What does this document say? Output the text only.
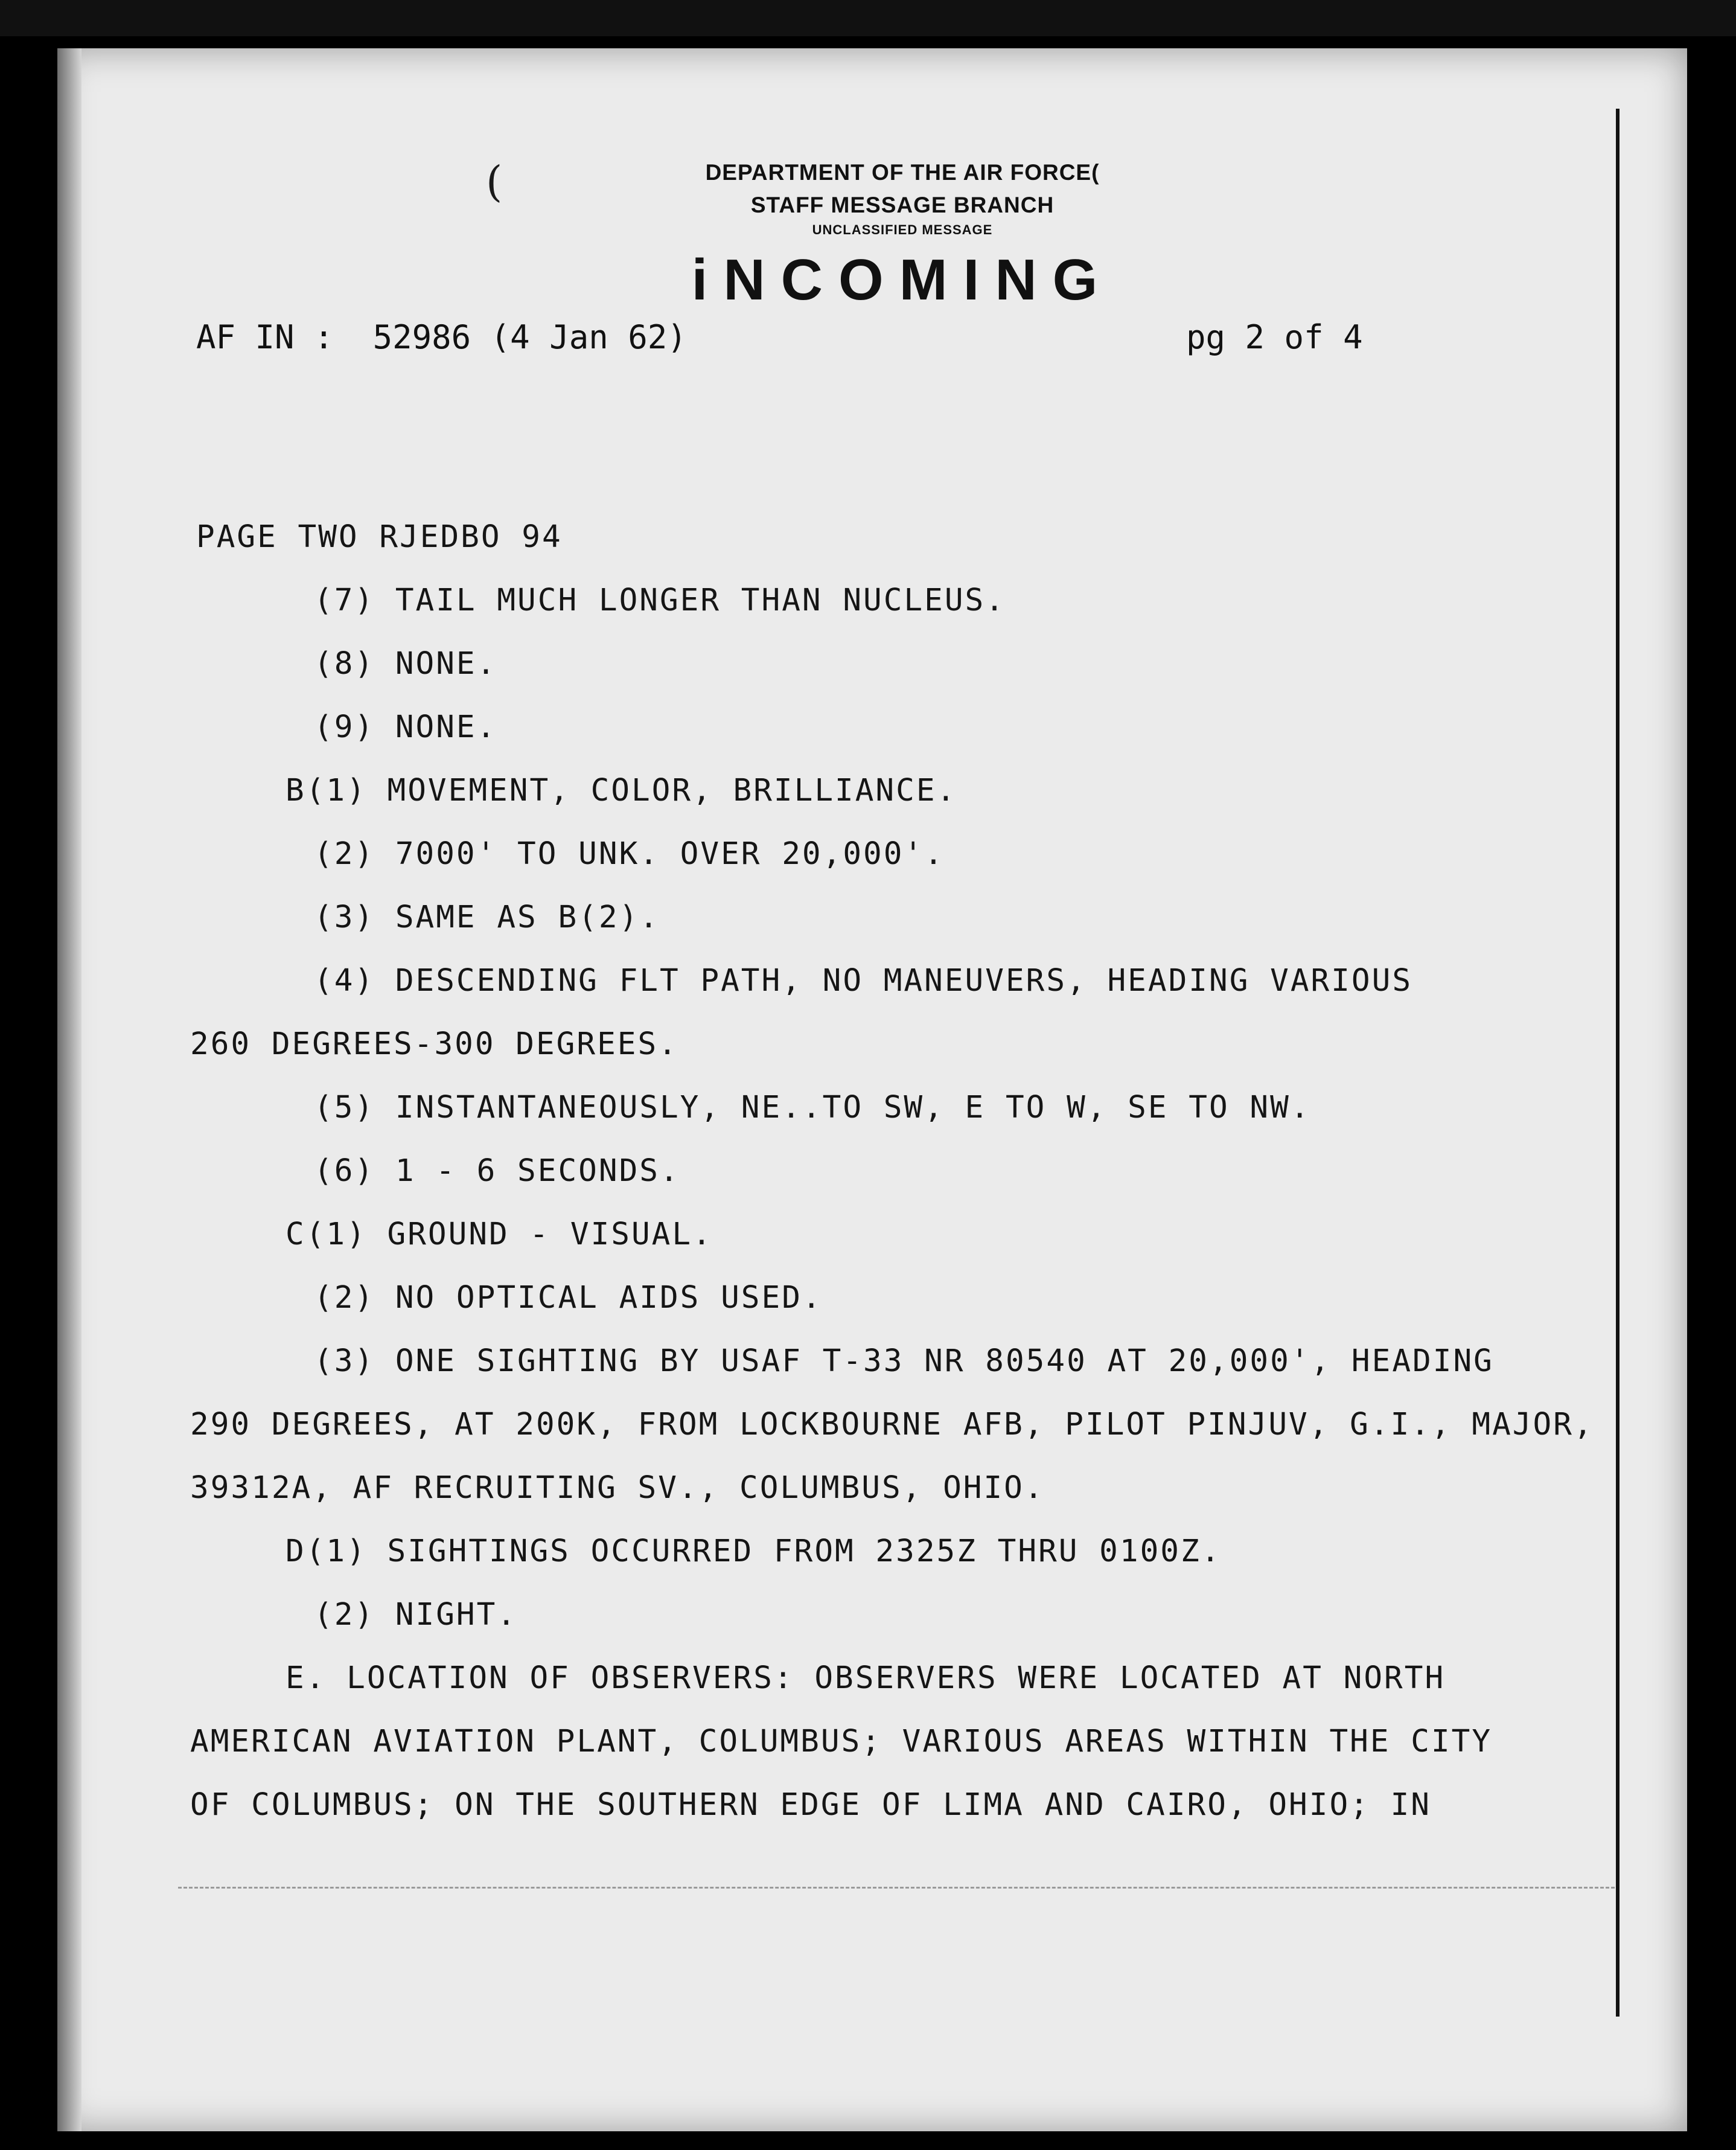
(	DEPARTMENT OF THE AIR FORCE(
STAFF MESSAGE BRANCH
UNCLASSIFIED MESSAGE
iNCOMING
AF IN :  52986 (4 Jan 62)	pg 2 of 4
PAGE TWO RJEDBO 94
(7) TAIL MUCH LONGER THAN NUCLEUS.
(8) NONE.
(9) NONE.
B(1) MOVEMENT, COLOR, BRILLIANCE.
(2) 7000' TO UNK. OVER 20,000'.
(3) SAME AS B(2).
(4) DESCENDING FLT PATH, NO MANEUVERS, HEADING VARIOUS
260 DEGREES-300 DEGREES.
(5) INSTANTANEOUSLY, NE..TO SW, E TO W, SE TO NW.
(6) 1 - 6 SECONDS.
C(1) GROUND - VISUAL.
(2) NO OPTICAL AIDS USED.
(3) ONE SIGHTING BY USAF T-33 NR 80540 AT 20,000', HEADING
290 DEGREES, AT 200K, FROM LOCKBOURNE AFB, PILOT PINJUV, G.I., MAJOR,
39312A, AF RECRUITING SV., COLUMBUS, OHIO.
D(1) SIGHTINGS OCCURRED FROM 2325Z THRU 0100Z.
(2) NIGHT.
E. LOCATION OF OBSERVERS: OBSERVERS WERE LOCATED AT NORTH
AMERICAN AVIATION PLANT, COLUMBUS; VARIOUS AREAS WITHIN THE CITY
OF COLUMBUS; ON THE SOUTHERN EDGE OF LIMA AND CAIRO, OHIO; IN
